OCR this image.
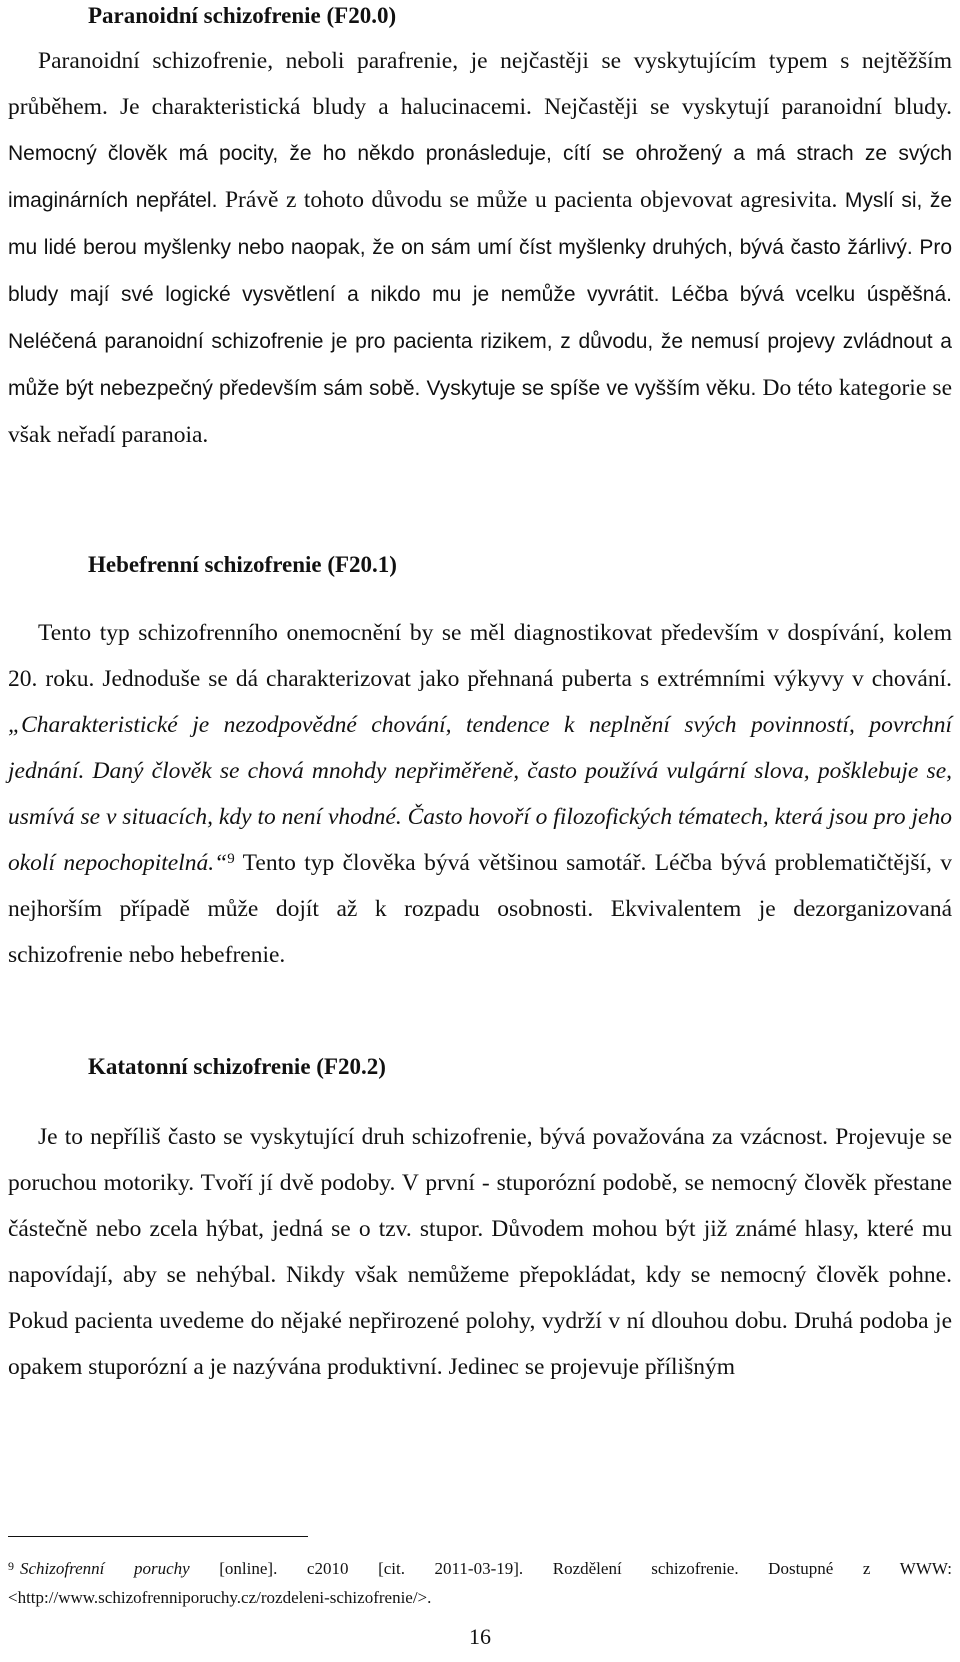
Paranoidní schizofrenie (F20.0)
Paranoidní schizofrenie, neboli parafrenie, je nejčastěji se vyskytujícím typem s nejtěžším průběhem. Je charakteristická bludy a halucinacemi. Nejčastěji se vyskytují paranoidní bludy. Nemocný člověk má pocity, že ho někdo pronásleduje, cítí se ohrožený a má strach ze svých imaginárních nepřátel. Právě z tohoto důvodu se může u pacienta objevovat agresivita. Myslí si, že mu lidé berou myšlenky nebo naopak, že on sám umí číst myšlenky druhých, bývá často žárlivý. Pro bludy mají své logické vysvětlení a nikdo mu je nemůže vyvrátit. Léčba bývá vcelku úspěšná. Neléčená paranoidní schizofrenie je pro pacienta rizikem, z důvodu, že nemusí projevy zvládnout a může být nebezpečný především sám sobě. Vyskytuje se spíše ve vyšším věku. Do této kategorie se však neřadí paranoia.
Hebefrenní schizofrenie (F20.1)
Tento typ schizofrenního onemocnění by se měl diagnostikovat především v dospívání, kolem 20. roku. Jednoduše se dá charakterizovat jako přehnaná puberta s extrémními výkyvy v chování. „Charakteristické je nezodpovědné chování, tendence k neplnění svých povinností, povrchní jednání. Daný člověk se chová mnohdy nepřiměřeně, často používá vulgární slova, pošklebuje se, usmívá se v situacích, kdy to není vhodné. Často hovoří o filozofických tématech, která jsou pro jeho okolí nepochopitelná.“$^9$ Tento typ člověka bývá většinou samotář. Léčba bývá problematičtější, v nejhorším případě může dojít až k rozpadu osobnosti. Ekvivalentem je dezorganizovaná schizofrenie nebo hebefrenie.
Katatonní schizofrenie (F20.2)
Je to nepříliš často se vyskytující druh schizofrenie, bývá považována za vzácnost. Projevuje se poruchou motoriky. Tvoří jí dvě podoby. V první - stuporózní podobě, se nemocný člověk přestane částečně nebo zcela hýbat, jedná se o tzv. stupor. Důvodem mohou být již známé hlasy, které mu napovídají, aby se nehýbal. Nikdy však nemůžeme přepokládat, kdy se nemocný člověk pohne. Pokud pacienta uvedeme do nějaké nepřirozené polohy, vydrží v ní dlouhou dobu. Druhá podoba je opakem stuporózní a je nazývána produktivní. Jedinec se projevuje přílišným
$^9$ Schizofrenní poruchy [online]. c2010 [cit. 2011-03-19]. Rozdělení schizofrenie. Dostupné z WWW: <http://www.schizofrenniporuchy.cz/rozdeleni-schizofrenie/>.
16
